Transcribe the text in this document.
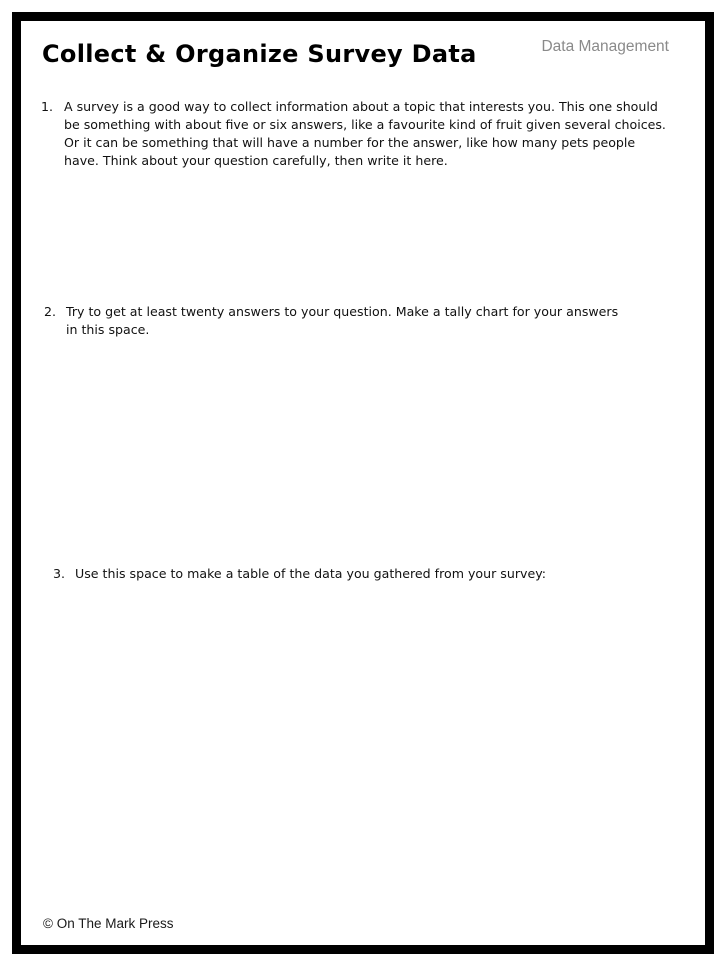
Collect & Organize Survey Data	Data Management
1. A survey is a good way to collect information about a topic that interests you. This one should be something with about five or six answers, like a favourite kind of fruit given several choices. Or it can be something that will have a number for the answer, like how many pets people have. Think about your question carefully, then write it here.
2. Try to get at least twenty answers to your question. Make a tally chart for your answers in this space.
3. Use this space to make a table of the data you gathered from your survey:
© On The Mark Press
